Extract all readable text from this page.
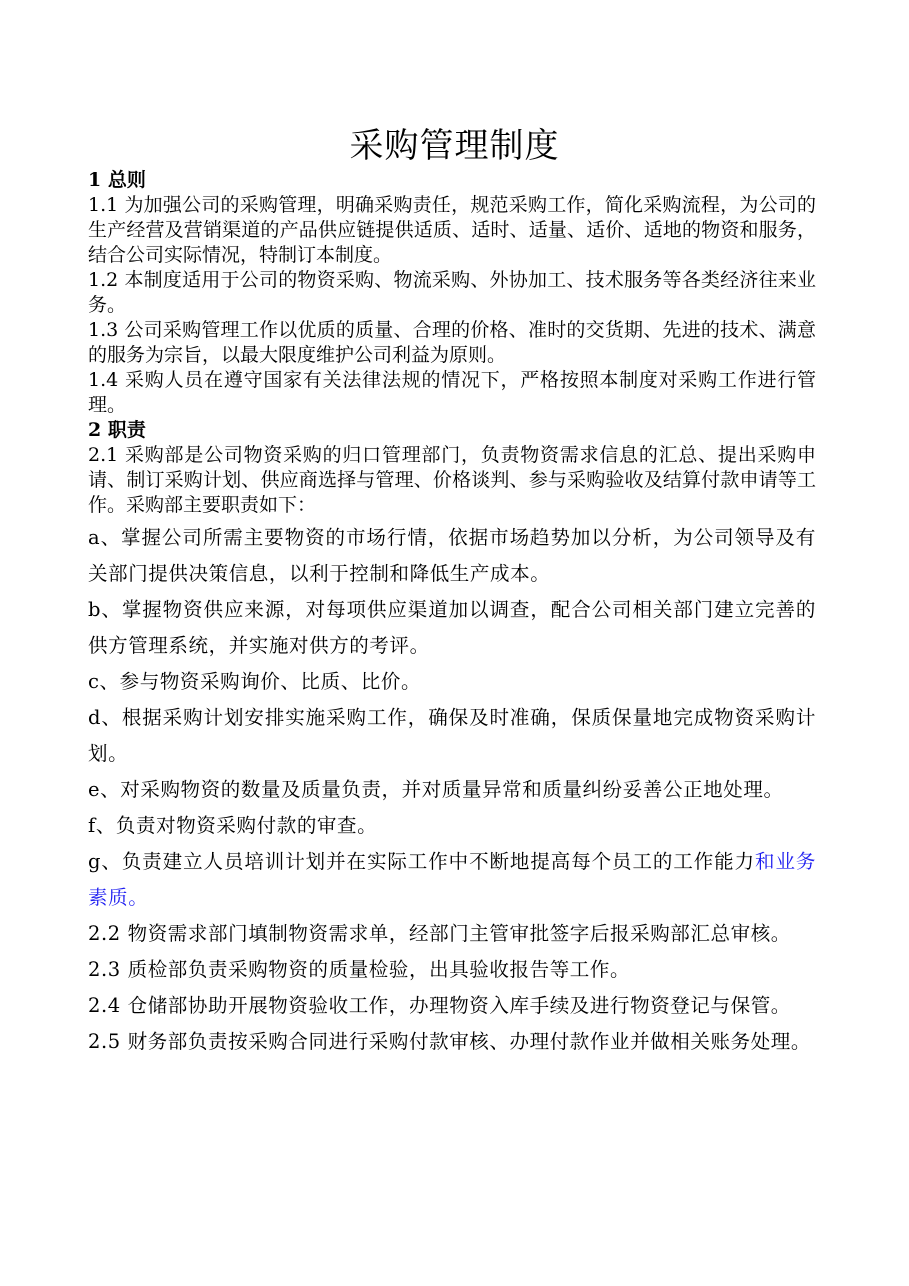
采购管理制度
1 总则
1.1 为加强公司的采购管理，明确采购责任，规范采购工作，简化采购流程，为公司的生产经营及营销渠道的产品供应链提供适质、适时、适量、适价、适地的物资和服务，结合公司实际情况，特制订本制度。
1.2 本制度适用于公司的物资采购、物流采购、外协加工、技术服务等各类经济往来业务。
1.3 公司采购管理工作以优质的质量、合理的价格、准时的交货期、先进的技术、满意的服务为宗旨，以最大限度维护公司利益为原则。
1.4 采购人员在遵守国家有关法律法规的情况下，严格按照本制度对采购工作进行管理。
2 职责
2.1 采购部是公司物资采购的归口管理部门，负责物资需求信息的汇总、提出采购申请、制订采购计划、供应商选择与管理、价格谈判、参与采购验收及结算付款申请等工作。采购部主要职责如下：
a、掌握公司所需主要物资的市场行情，依据市场趋势加以分析，为公司领导及有关部门提供决策信息，以利于控制和降低生产成本。
b、掌握物资供应来源，对每项供应渠道加以调查，配合公司相关部门建立完善的供方管理系统，并实施对供方的考评。
c、参与物资采购询价、比质、比价。
d、根据采购计划安排实施采购工作，确保及时准确，保质保量地完成物资采购计划。
e、对采购物资的数量及质量负责，并对质量异常和质量纠纷妥善公正地处理。
f、负责对物资采购付款的审查。
g、负责建立人员培训计划并在实际工作中不断地提高每个员工的工作能力和业务素质。
2.2 物资需求部门填制物资需求单，经部门主管审批签字后报采购部汇总审核。
2.3 质检部负责采购物资的质量检验，出具验收报告等工作。
2.4 仓储部协助开展物资验收工作，办理物资入库手续及进行物资登记与保管。
2.5 财务部负责按采购合同进行采购付款审核、办理付款作业并做相关账务处理。
